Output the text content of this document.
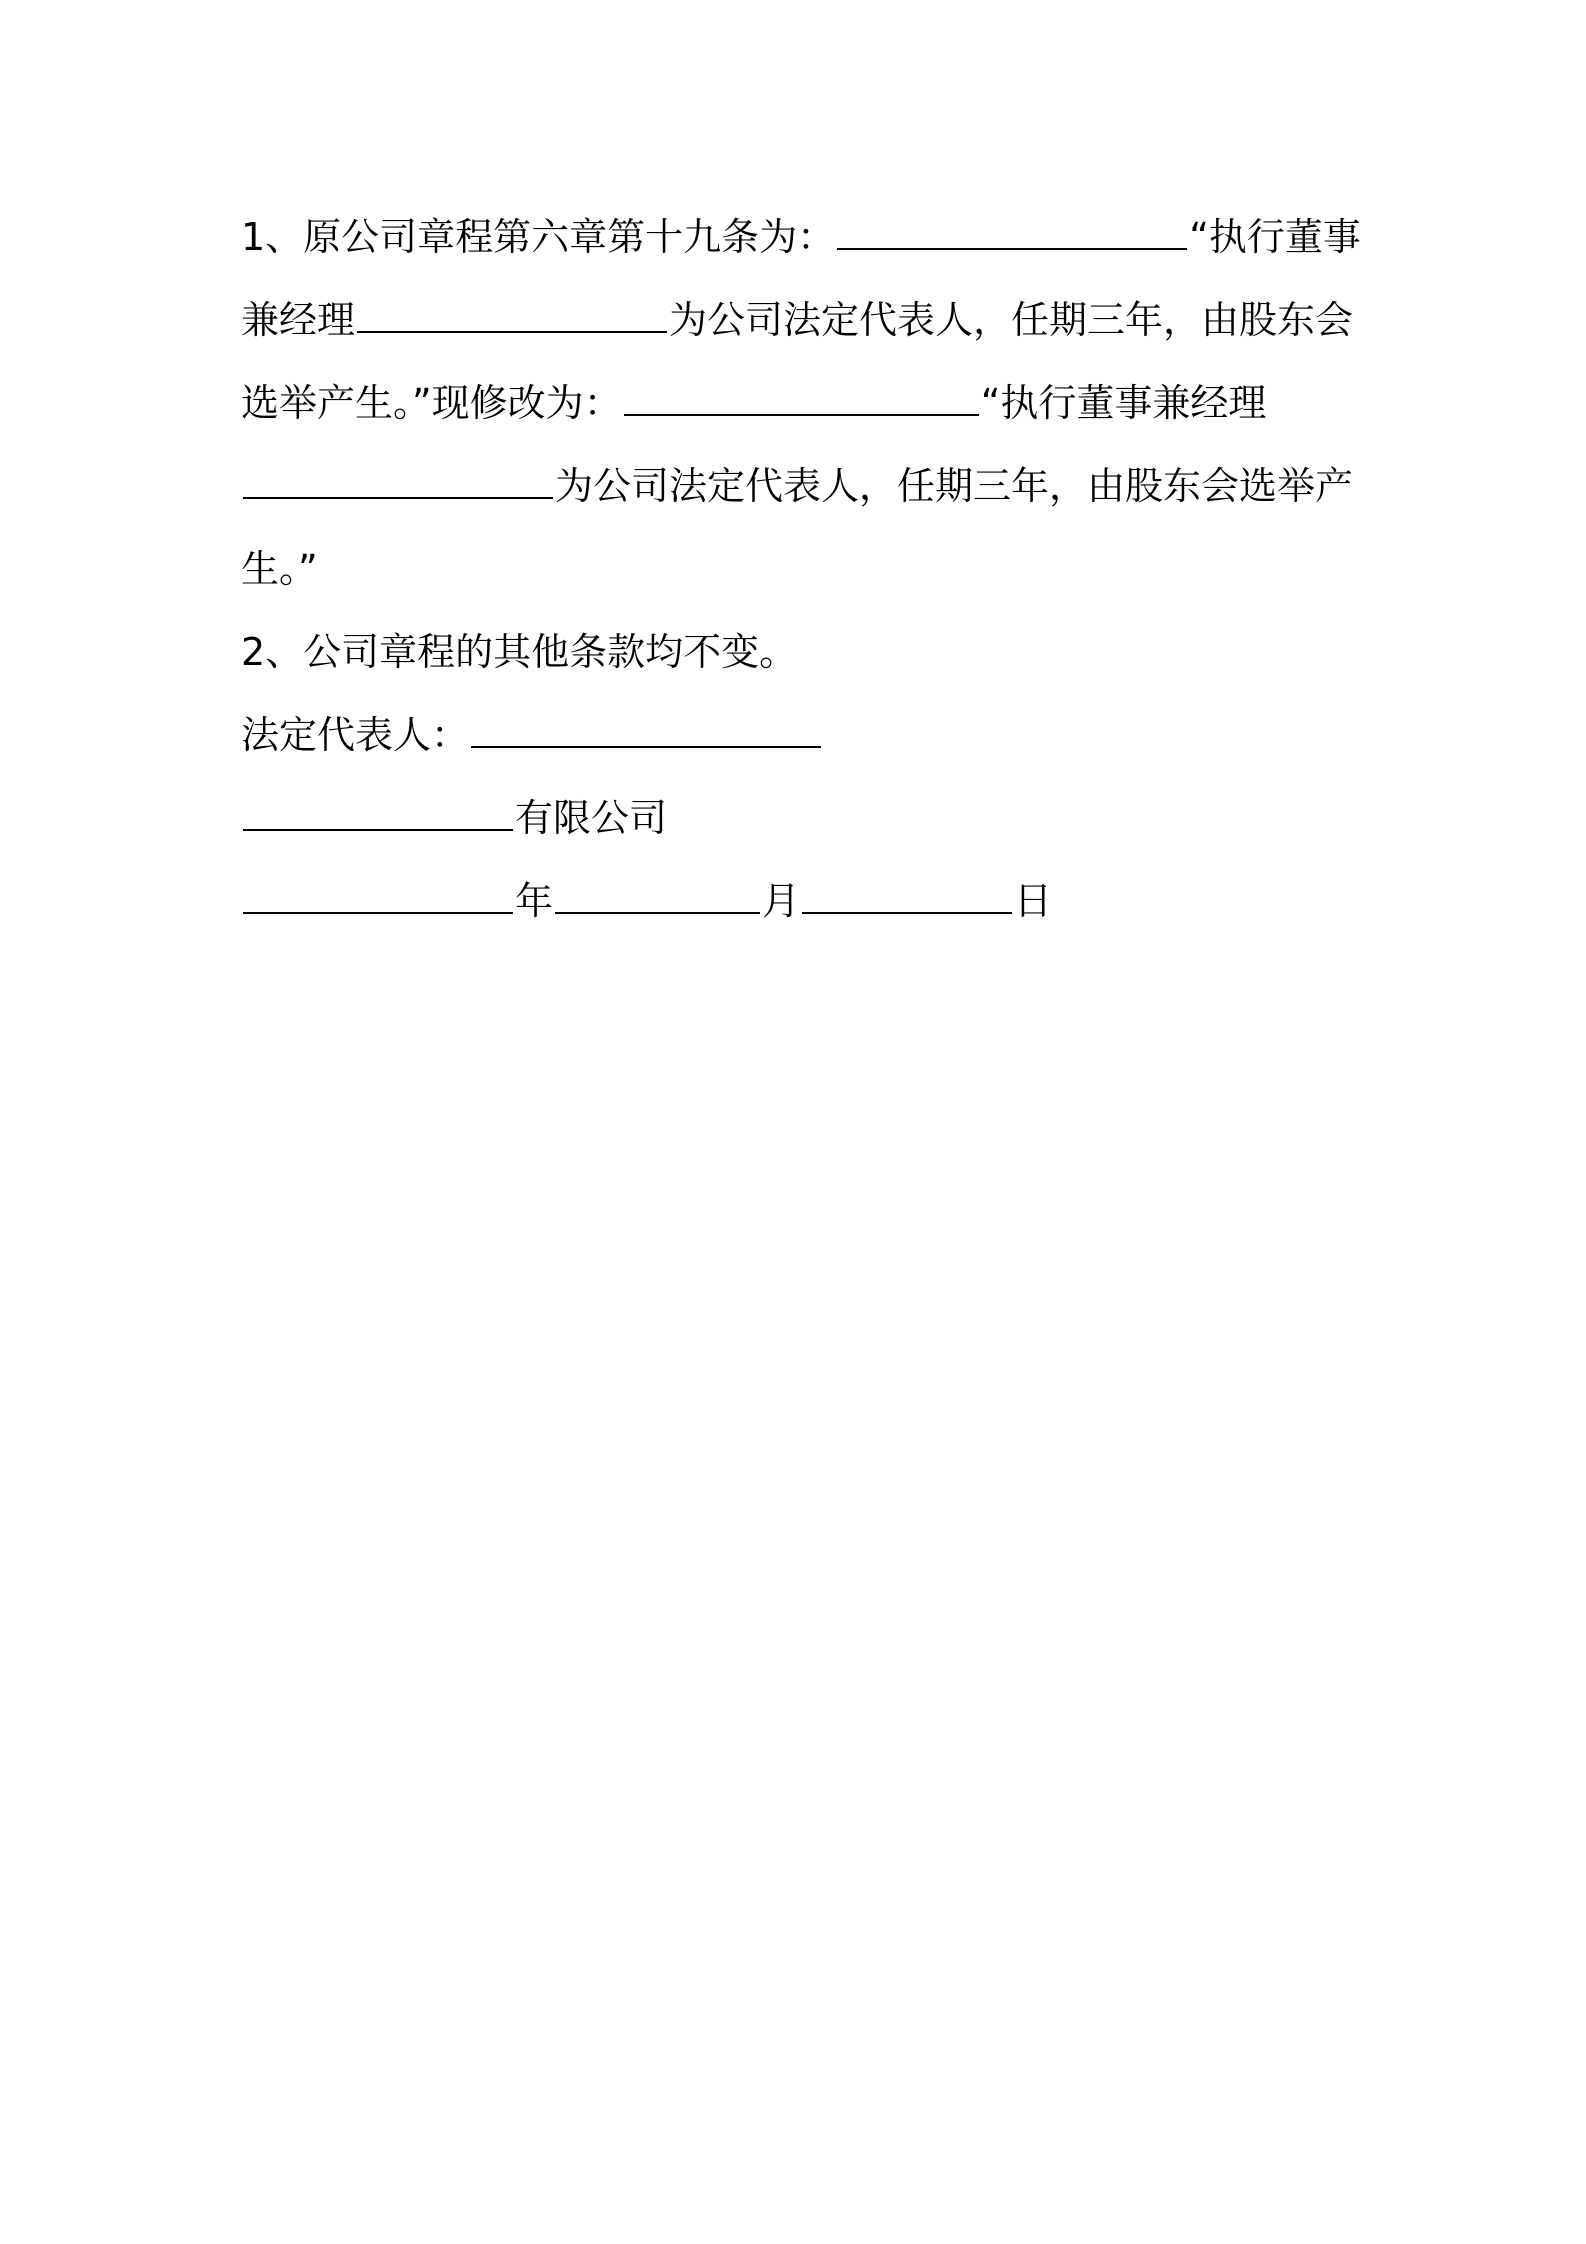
1、原公司章程第六章第十九条为：	“执行董事
兼经理	为公司法定代表人，任期三年，由股东会
选举产生。”现修改为：	“执行董事兼经理
为公司法定代表人，任期三年，由股东会选举产
生。”
2、公司章程的其他条款均不变。
法定代表人：
有限公司
年	月	日
